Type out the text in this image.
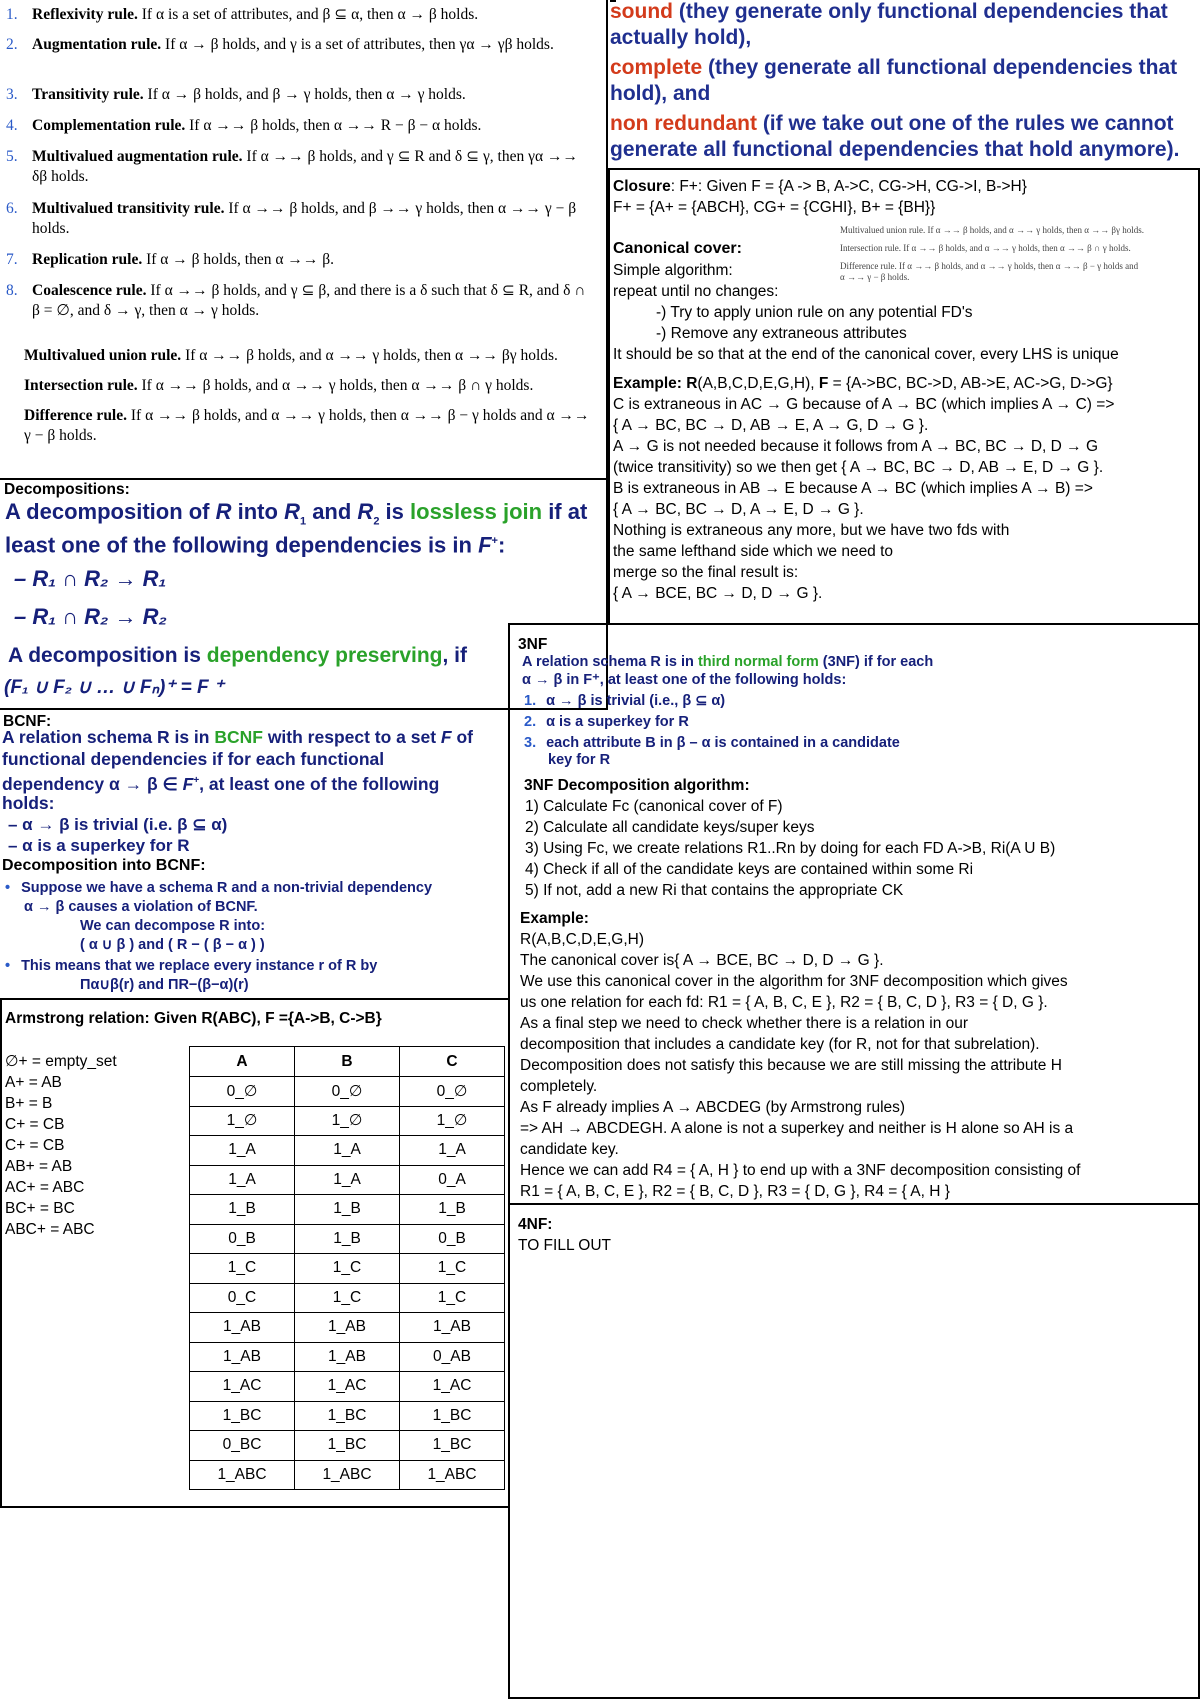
1. Reflexivity rule. If α is a set of attributes, and β ⊆ α, then α → β holds.
2. Augmentation rule. If α → β holds, and γ is a set of attributes, then γα → γβ holds.
3. Transitivity rule. If α → β holds, and β → γ holds, then α → γ holds.
4. Complementation rule. If α →→ β holds, then α →→ R − β − α holds.
5. Multivalued augmentation rule. If α →→ β holds, and γ ⊆ R and δ ⊆ γ, then γα →→ δβ holds.
6. Multivalued transitivity rule. If α →→ β holds, and β →→ γ holds, then α →→ γ − β holds.
7. Replication rule. If α → β holds, then α →→ β.
8. Coalescence rule. If α →→ β holds, and γ ⊆ β, and there is a δ such that δ ⊆ R, and δ ∩ β = ∅, and δ → γ, then α → γ holds.
Multivalued union rule. If α →→ β holds, and α →→ γ holds, then α →→ βγ holds.
Intersection rule. If α →→ β holds, and α →→ γ holds, then α →→ β ∩ γ holds.
Difference rule. If α →→ β holds, and α →→ γ holds, then α →→ β − γ holds and α →→ γ − β holds.
sound (they generate only functional dependencies that
actually hold),
complete (they generate all functional dependencies that
hold), and
non redundant (if we take out one of the rules we cannot
generate all functional dependencies that hold anymore).
Closure: F+: Given F = {A -> B, A->C, CG->H, CG->I, B->H}
F+ = {A+ = {ABCH}, CG+ = {CGHI}, B+ = {BH}}
Multivalued union rule. If α →→ β holds, and α →→ γ holds, then α →→ βγ holds.
Intersection rule. If α →→ β holds, and α →→ γ holds, then α →→ β ∩ γ holds.
Difference rule. If α →→ β holds, and α →→ γ holds, then α →→ β − γ holds and
α →→ γ − β holds.
Canonical cover:
Simple algorithm:
repeat until no changes:
-) Try to apply union rule on any potential FD's
-) Remove any extraneous attributes
It should be so that at the end of the canonical cover, every LHS is unique
Example: R(A,B,C,D,E,G,H), F = {A->BC, BC->D, AB->E, AC->G, D->G}
C is extraneous in AC → G because of A → BC (which implies A → C) =>
{ A → BC, BC → D, AB → E, A → G, D → G }.
A → G is not needed because it follows from A → BC, BC → D, D → G
(twice transitivity) so we then get { A → BC, BC → D, AB → E, D → G }.
B is extraneous in AB → E because A → BC (which implies A → B) =>
{ A → BC, BC → D, A → E, D → G }.
Nothing is extraneous any more, but we have two fds with
the same lefthand side which we need to
merge so the final result is:
{ A → BCE, BC → D, D → G }.
Decompositions:
A decomposition of R into $R_1$ and $R_2$ is lossless join if at
least one of the following dependencies is in F+:
– R₁ ∩ R₂ → R₁
– R₁ ∩ R₂ → R₂
A decomposition is dependency preserving, if
(F₁ ∪ F₂ ∪ … ∪ Fₙ)⁺ = F ⁺
BCNF:
A relation schema R is in BCNF with respect to a set F of
functional dependencies if for each functional
dependency α → β ∈ F+, at least one of the following
holds:
– α → β is trivial (i.e. β ⊆ α)
– α is a superkey for R
Decomposition into BCNF:
• Suppose we have a schema R and a non-trivial dependency
α → β causes a violation of BCNF.
We can decompose R into:
( α ∪ β ) and ( R − ( β − α ) )
• This means that we replace every instance r of R by
Πα∪β(r) and ΠR−(β−α)(r)
3NF
A relation schema R is in third normal form (3NF) if for each
α → β in F⁺, at least one of the following holds:
1. α → β is trivial (i.e., β ⊆ α)
2. α is a superkey for R
3. each attribute B in β – α is contained in a candidate
key for R
3NF Decomposition algorithm:
1) Calculate Fc (canonical cover of F)
2) Calculate all candidate keys/super keys
3) Using Fc, we create relations R1..Rn by doing for each FD A->B, Ri(A U B)
4) Check if all of the candidate keys are contained within some Ri
5) If not, add a new Ri that contains the appropriate CK
Example:
R(A,B,C,D,E,G,H)
The canonical cover is{ A → BCE, BC → D, D → G }.
We use this canonical cover in the algorithm for 3NF decomposition which gives
us one relation for each fd: R1 = { A, B, C, E }, R2 = { B, C, D }, R3 = { D, G }.
As a final step we need to check whether there is a relation in our
decomposition that includes a candidate key (for R, not for that subrelation).
Decomposition does not satisfy this because we are still missing the attribute H
completely.
As F already implies A → ABCDEG (by Armstrong rules)
=> AH → ABCDEGH. A alone is not a superkey and neither is H alone so AH is a
candidate key.
Hence we can add R4 = { A, H } to end up with a 3NF decomposition consisting of
R1 = { A, B, C, E }, R2 = { B, C, D }, R3 = { D, G }, R4 = { A, H }
Armstrong relation: Given R(ABC), F ={A->B, C->B}
∅+ = empty_set
A+ = AB
B+ = B
C+ = CB
C+ = CB
AB+ = AB
AC+ = ABC
BC+ = BC
ABC+ = ABC
A	B	C
0_∅	0_∅	0_∅
1_∅	1_∅	1_∅
1_A	1_A	1_A
1_A	1_A	0_A
1_B	1_B	1_B
0_B	1_B	0_B
1_C	1_C	1_C
0_C	1_C	1_C
1_AB	1_AB	1_AB
1_AB	1_AB	0_AB
1_AC	1_AC	1_AC
1_BC	1_BC	1_BC
0_BC	1_BC	1_BC
1_ABC	1_ABC	1_ABC
4NF:
TO FILL OUT
